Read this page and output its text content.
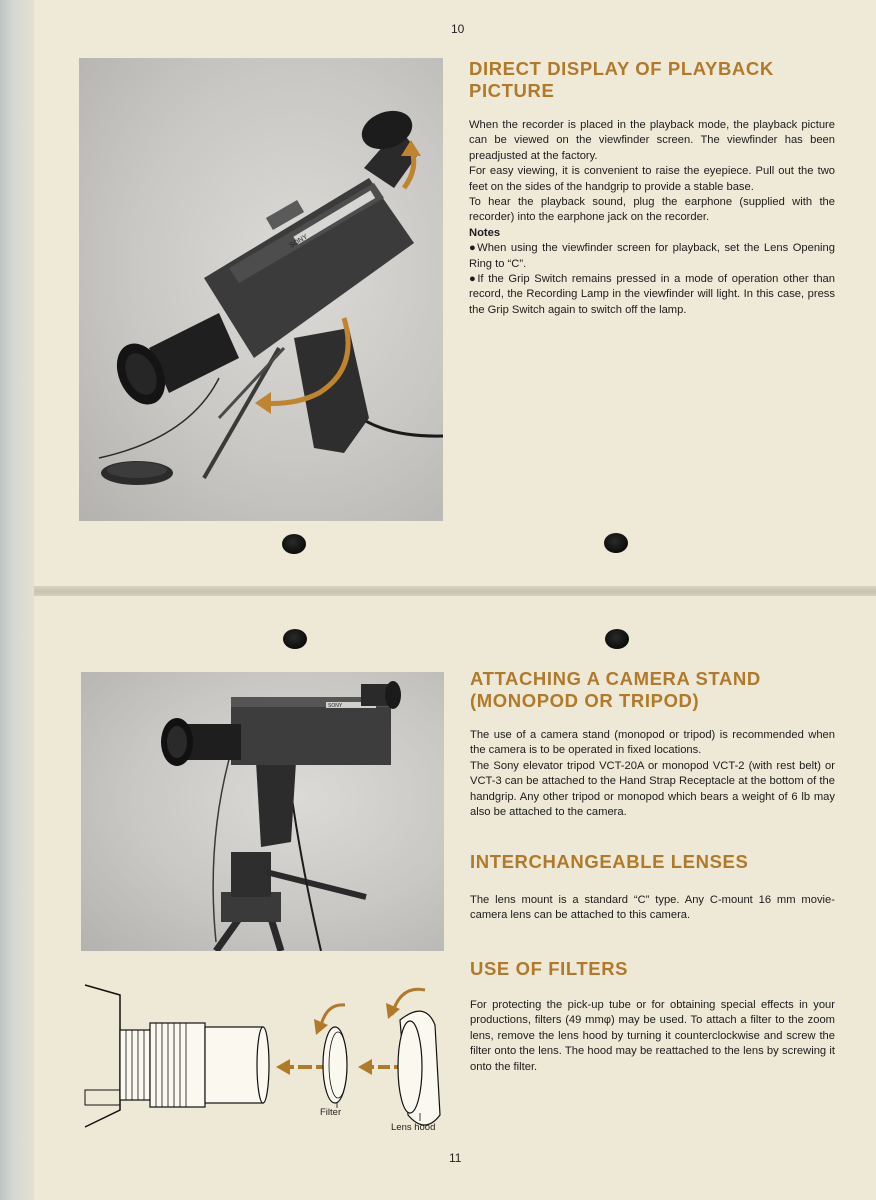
10
SONY
DIRECT DISPLAY OF PLAYBACK PICTURE

When the recorder is placed in the playback mode, the playback picture can be viewed on the viewfinder screen. The viewfinder has been preadjusted at the factory.

For easy viewing, it is convenient to raise the eyepiece. Pull out the two feet on the sides of the handgrip to provide a stable base.

To hear the playback sound, plug the earphone (supplied with the recorder) into the earphone jack on the recorder.

Notes

●When using the viewfinder screen for playback, set the Lens Opening Ring to “C”.

●If the Grip Switch remains pressed in a mode of operation other than record, the Recording Lamp in the viewfinder will light. In this case, press the Grip Switch again to switch off the lamp.

SONY
ATTACHING A CAMERA STAND (MONOPOD OR TRIPOD)

The use of a camera stand (monopod or tripod) is recommended when the camera is to be operated in fixed locations.

The Sony elevator tripod VCT-20A or monopod VCT-2 (with rest belt) or VCT-3 can be attached to the Hand Strap Receptacle at the bottom of the handgrip. Any other tripod or monopod which bears a weight of 6 lb may also be attached to the camera.

INTERCHANGEABLE LENSES

The lens mount is a standard “C” type. Any C-mount 16 mm movie-camera lens can be attached to this camera.

USE OF FILTERS

For protecting the pick-up tube or for obtaining special effects in your productions, filters (49 mmφ) may be used. To attach a filter to the zoom lens, remove the lens hood by turning it counterclockwise and screw the filter onto the lens. The hood may be reattached to the lens by screwing it onto the filter.

Filter
Lens hood
11
